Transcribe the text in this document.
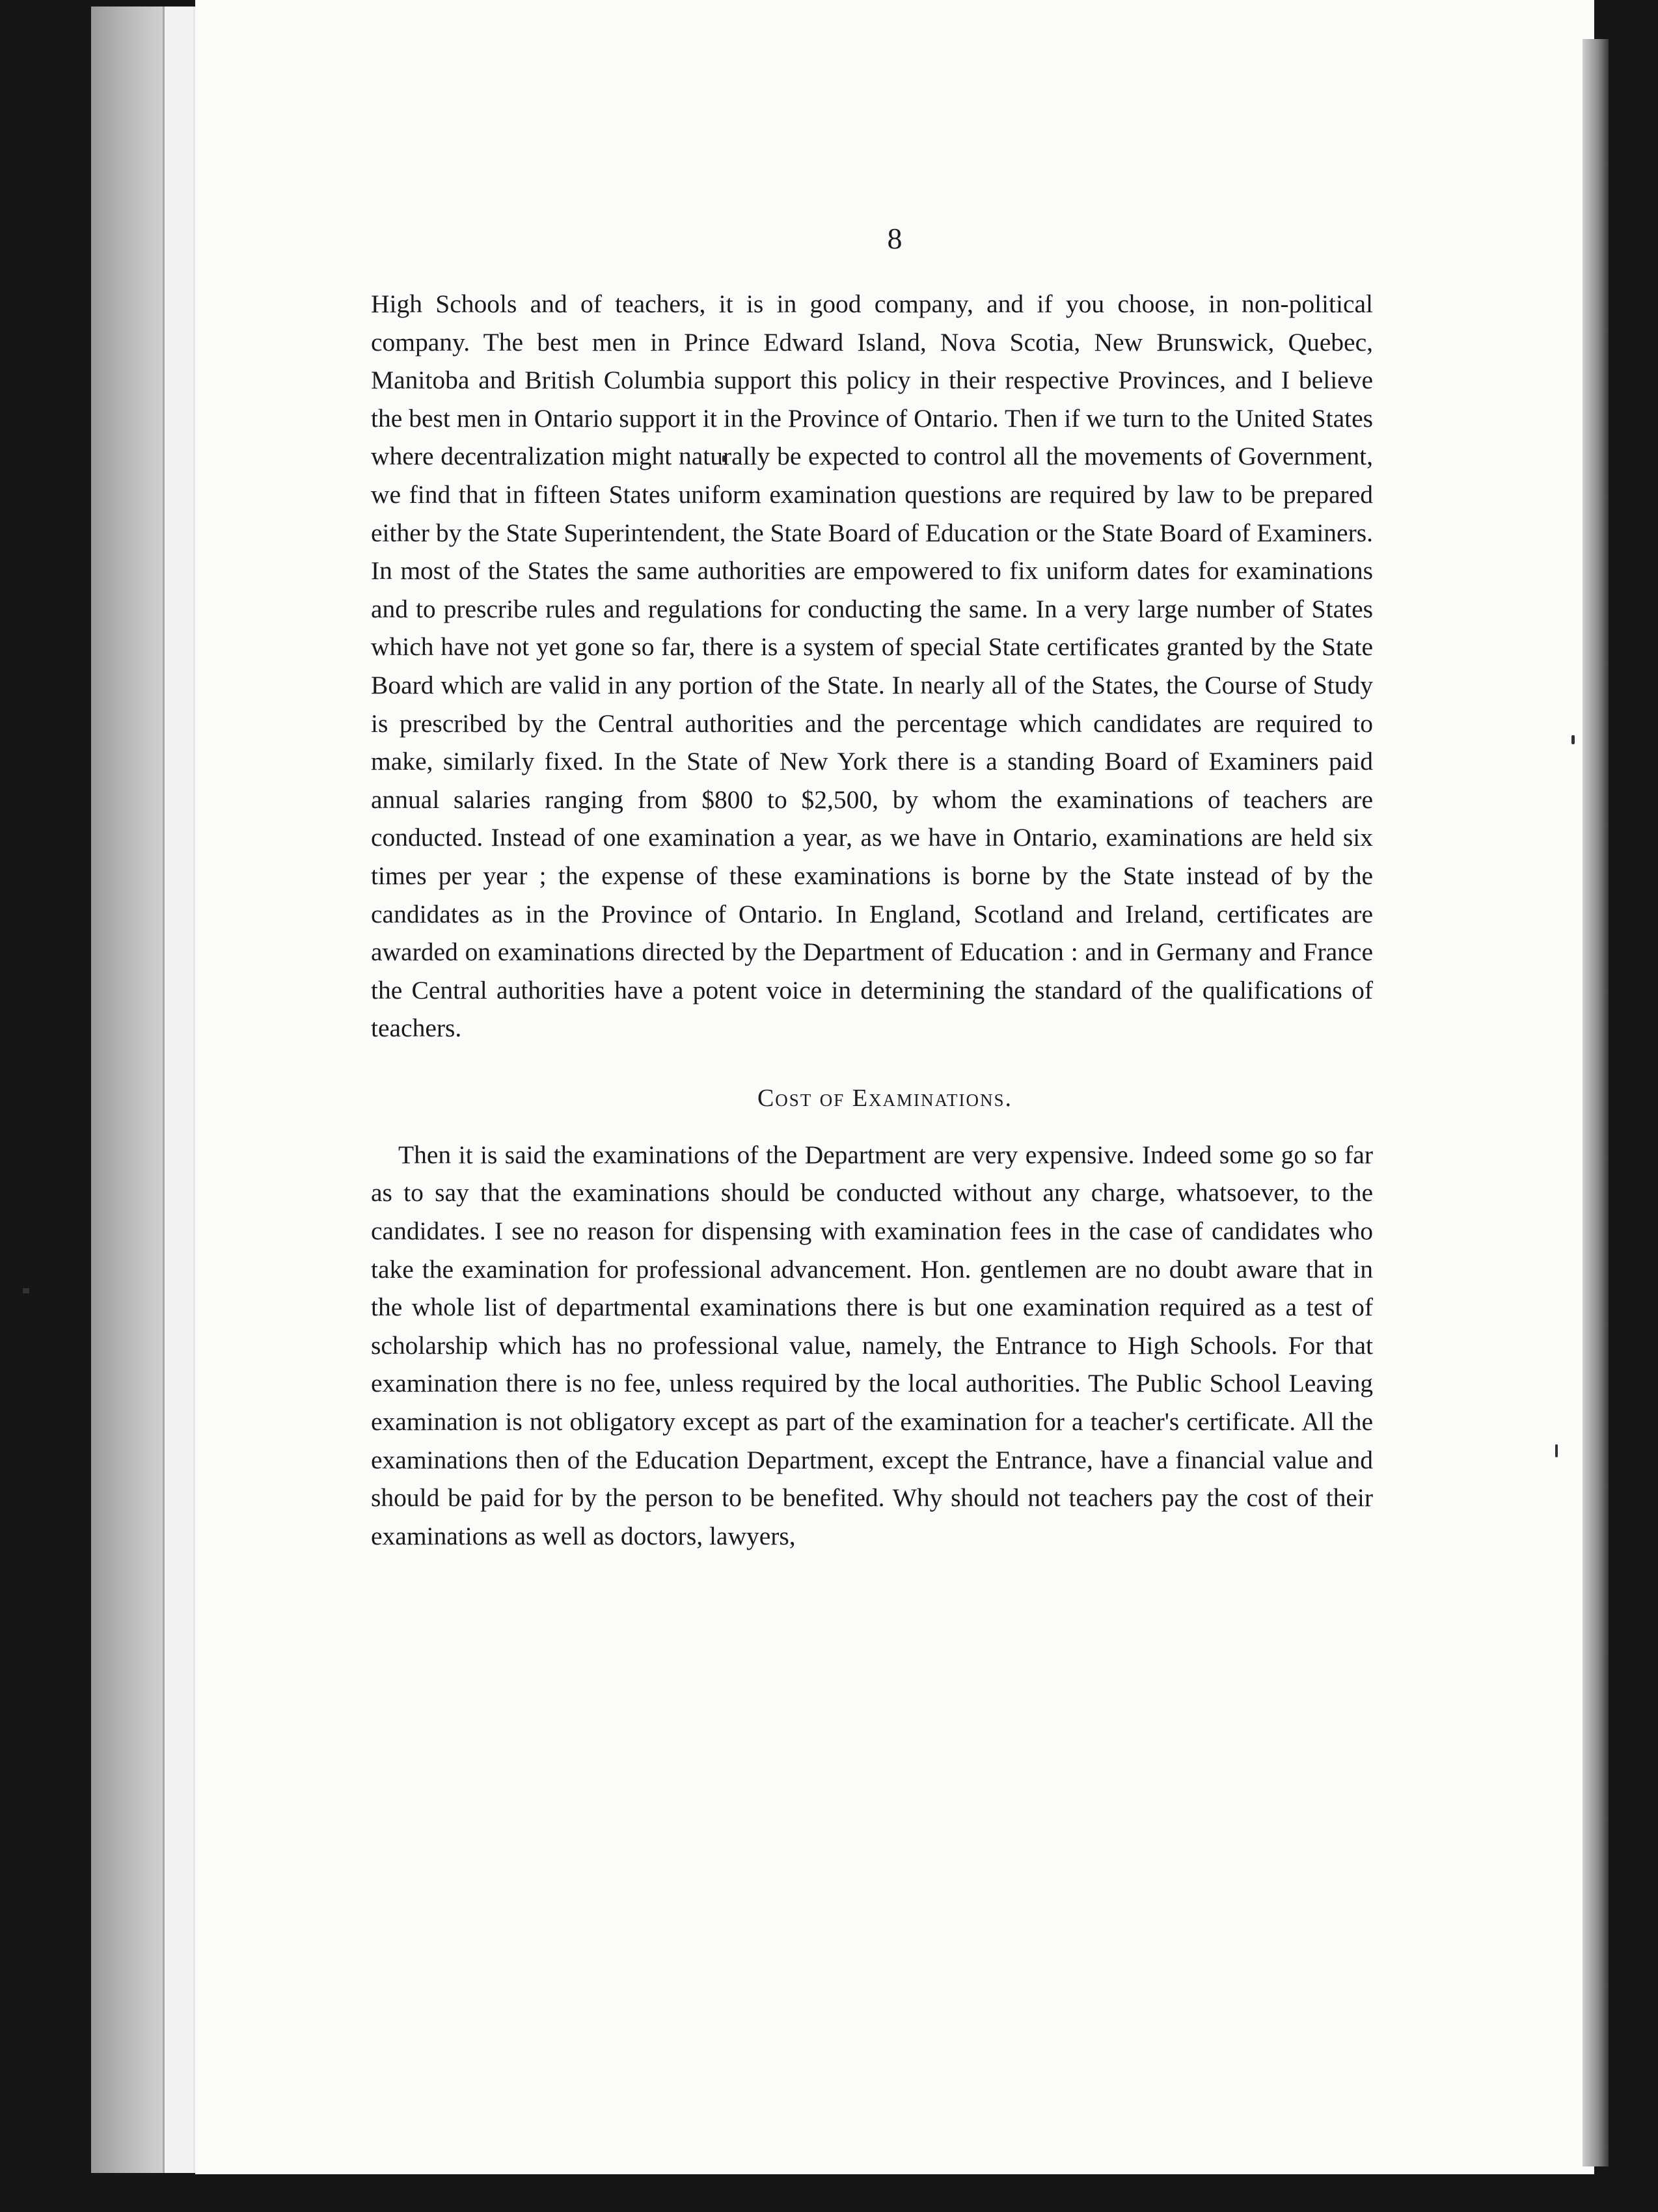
8

High Schools and of teachers, it is in good company, and if you choose, in non-political company. The best men in Prince Edward Island, Nova Scotia, New Brunswick, Quebec, Manitoba and British Columbia support this policy in their respective Provinces, and I believe the best men in Ontario support it in the Province of Ontario. Then if we turn to the United States where decentralization might naturally be expected to control all the movements of Government, we find that in fifteen States uniform examination questions are required by law to be prepared either by the State Superintendent, the State Board of Education or the State Board of Examiners. In most of the States the same authorities are empowered to fix uniform dates for examinations and to prescribe rules and regulations for conducting the same. In a very large number of States which have not yet gone so far, there is a system of special State certificates granted by the State Board which are valid in any portion of the State. In nearly all of the States, the Course of Study is prescribed by the Central authorities and the percentage which candidates are required to make, similarly fixed. In the State of New York there is a standing Board of Examiners paid annual salaries ranging from $800 to $2,500, by whom the examinations of teachers are conducted. Instead of one examination a year, as we have in Ontario, examinations are held six times per year ; the expense of these examinations is borne by the State instead of by the candidates as in the Province of Ontario. In England, Scotland and Ireland, certificates are awarded on examinations directed by the Department of Education : and in Germany and France the Central authorities have a potent voice in determining the standard of the qualifications of teachers.

Cost of Examinations.

Then it is said the examinations of the Department are very expensive. Indeed some go so far as to say that the examinations should be conducted without any charge, whatsoever, to the candidates. I see no reason for dispensing with examination fees in the case of candidates who take the examination for professional advancement. Hon. gentlemen are no doubt aware that in the whole list of departmental examinations there is but one examination required as a test of scholarship which has no professional value, namely, the Entrance to High Schools. For that examination there is no fee, unless required by the local authorities. The Public School Leaving examination is not obligatory except as part of the examination for a teacher's certificate. All the examinations then of the Education Department, except the Entrance, have a financial value and should be paid for by the person to be benefited. Why should not teachers pay the cost of their examinations as well as doctors, lawyers,
